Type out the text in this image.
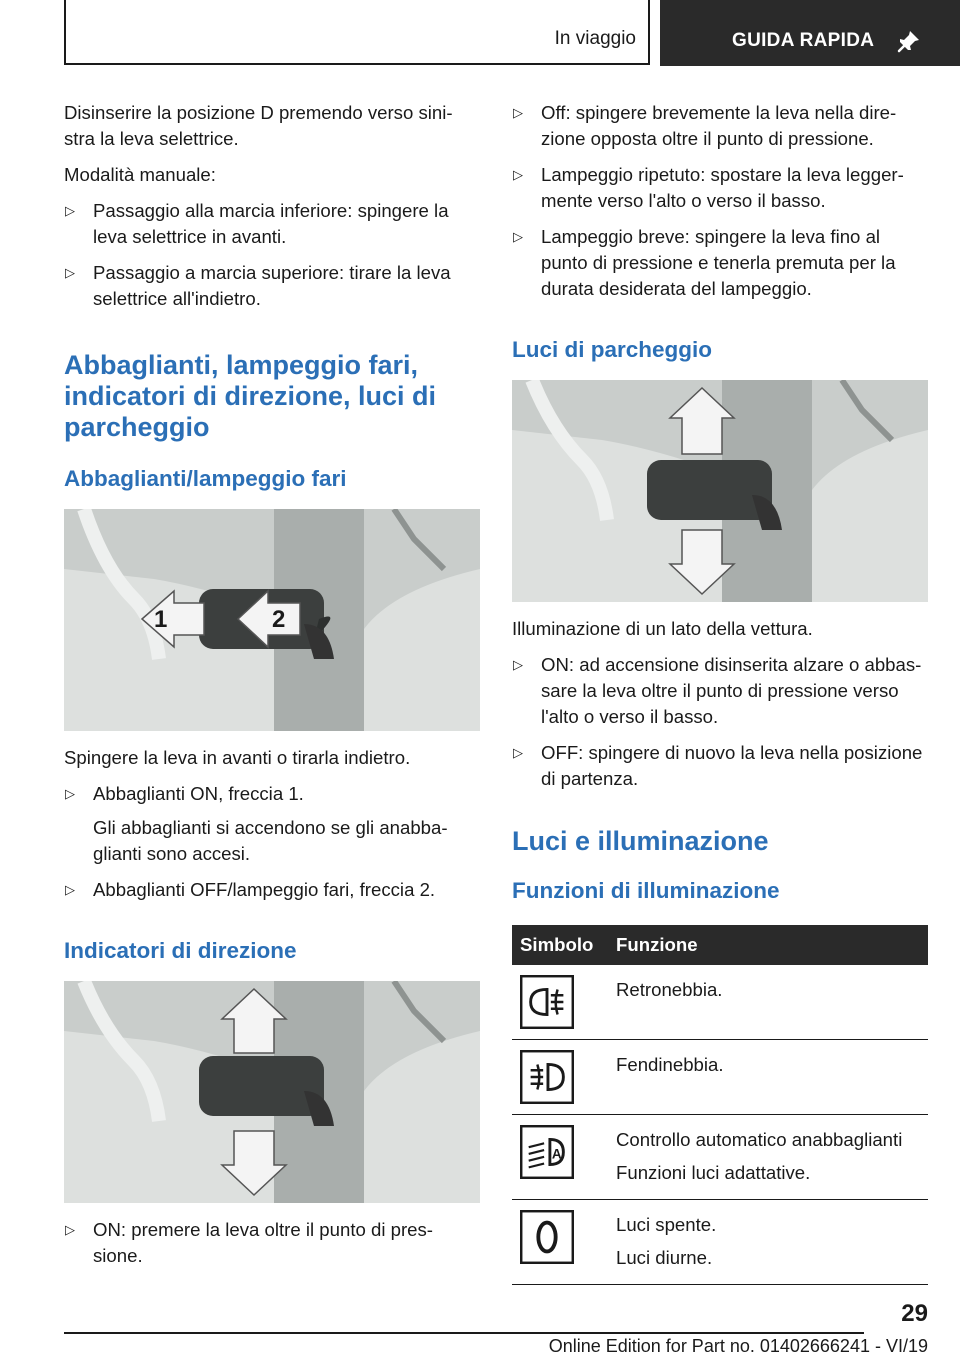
In viaggio	GUIDA RAPIDA

Disinserire la posizione D premendo verso sini‐stra la leva selettrice.

Modalità manuale:

▷ Passaggio alla marcia inferiore: spingere la leva selettrice in avanti.
▷ Passaggio a marcia superiore: tirare la leva selettrice all'indietro.
Abbaglianti, lampeggio fari, indicatori di direzione, luci di parcheggio
Abbaglianti/lampeggio fari
1	2

Spingere la leva in avanti o tirarla indietro.

▷ Abbaglianti ON, freccia 1.
Gli abbaglianti si accendono se gli anabba‐glianti sono accesi.
▷ Abbaglianti OFF/lampeggio fari, freccia 2.
Indicatori di direzione
▷ ON: premere la leva oltre il punto di pres‐sione.
▷ Off: spingere brevemente la leva nella dire‐zione opposta oltre il punto di pressione.
▷ Lampeggio ripetuto: spostare la leva legger‐mente verso l'alto o verso il basso.
▷ Lampeggio breve: spingere la leva fino al punto di pressione e tenerla premuta per la durata desiderata del lampeggio.
Luci di parcheggio

Illuminazione di un lato della vettura.

▷ ON: ad accensione disinserita alzare o abbas‐sare la leva oltre il punto di pressione verso l'alto o verso il basso.
▷ OFF: spingere di nuovo la leva nella posizione di partenza.
Luci e illuminazione
Funzioni di illuminazione
Simbolo	Funzione

Retronebbia.

Fendinebbia.

A	Controllo automatico anabbaglianti
Funzioni luci adattative.

Luci spente.
Luci diurne.
29
Online Edition for Part no. 01402666241 - VI/19
